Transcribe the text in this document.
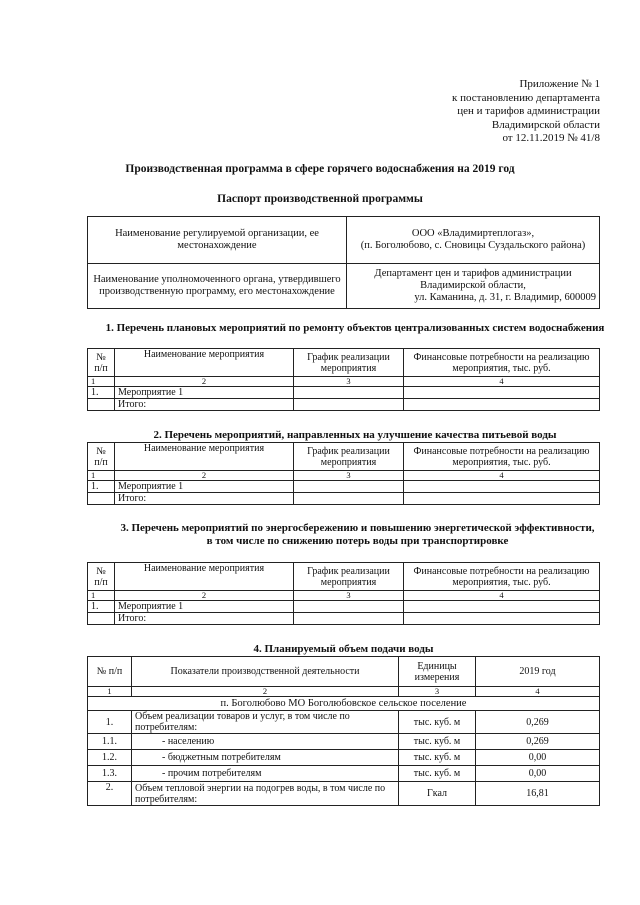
Приложение № 1
к постановлению департамента
цен и тарифов администрации
Владимирской области
от 12.11.2019 № 41/8
Производственная программа в сфере горячего водоснабжения на 2019 год
Паспорт производственной программы
Наименование регулируемой организации, ее местонахождение	ООО «Владимиртеплогаз»,
(п. Боголюбово, с. Сновицы Суздальского района)

Наименование уполномоченного органа, утвердившего производственную программу, его местонахождение	Департамент цен и тарифов администрации Владимирской области,
ул. Каманина, д. 31, г. Владимир, 600009
1. Перечень плановых мероприятий по ремонту объектов централизованных систем водоснабжения
№ п/п	Наименование мероприятия	График реализации мероприятия	Финансовые потребности на реализацию мероприятия, тыс. руб.
1	2	3	4
1.	Мероприятие 1		
	Итого:		
2. Перечень мероприятий, направленных на улучшение качества питьевой воды
№ п/п	Наименование мероприятия	График реализации мероприятия	Финансовые потребности на реализацию мероприятия, тыс. руб.
1	2	3	4
1.	Мероприятие 1		
	Итого:		
3. Перечень мероприятий по энергосбережению и повышению энергетической эффективности, в том числе по снижению потерь воды при транспортировке
№ п/п	Наименование мероприятия	График реализации мероприятия	Финансовые потребности на реализацию мероприятия, тыс. руб.
1	2	3	4
1.	Мероприятие 1		
	Итого:		
4. Планируемый объем подачи воды
№ п/п	Показатели производственной деятельности	Единицы измерения	2019 год
1	2	3	4
п. Боголюбово МО Боголюбовское сельское поселение			
1.	Объем реализации товаров и услуг, в том числе по потребителям:	тыс. куб. м	0,269
1.1.	- населению	тыс. куб. м	0,269
1.2.	- бюджетным потребителям	тыс. куб. м	0,00
1.3.	- прочим потребителям	тыс. куб. м	0,00
2.	Объем тепловой энергии на подогрев воды, в том числе по потребителям:	Гкал	16,81
